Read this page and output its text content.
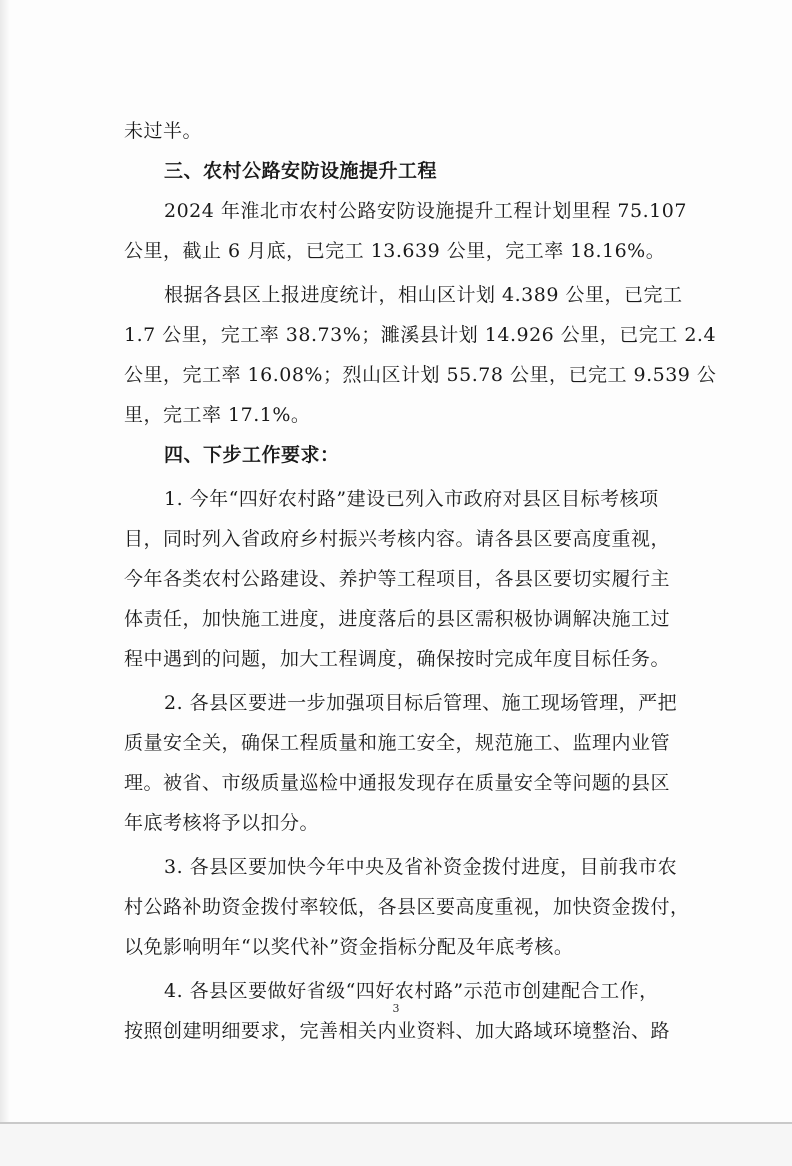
未过半。
三、农村公路安防设施提升工程
2024 年淮北市农村公路安防设施提升工程计划里程 75.107
公里，截止 6 月底，已完工 13.639 公里，完工率 18.16%。
根据各县区上报进度统计，相山区计划 4.389 公里，已完工
1.7 公里，完工率 38.73%；濉溪县计划 14.926 公里，已完工 2.4
公里，完工率 16.08%；烈山区计划 55.78 公里，已完工 9.539 公
里，完工率 17.1%。
四、下步工作要求：
1. 今年“四好农村路”建设已列入市政府对县区目标考核项
目，同时列入省政府乡村振兴考核内容。请各县区要高度重视，
今年各类农村公路建设、养护等工程项目，各县区要切实履行主
体责任，加快施工进度，进度落后的县区需积极协调解决施工过
程中遇到的问题，加大工程调度，确保按时完成年度目标任务。
2. 各县区要进一步加强项目标后管理、施工现场管理，严把
质量安全关，确保工程质量和施工安全，规范施工、监理内业管
理。被省、市级质量巡检中通报发现存在质量安全等问题的县区
年底考核将予以扣分。
3. 各县区要加快今年中央及省补资金拨付进度，目前我市农
村公路补助资金拨付率较低，各县区要高度重视，加快资金拨付，
以免影响明年“以奖代补”资金指标分配及年底考核。
4. 各县区要做好省级“四好农村路”示范市创建配合工作，
按照创建明细要求，完善相关内业资料、加大路域环境整治、路
3
